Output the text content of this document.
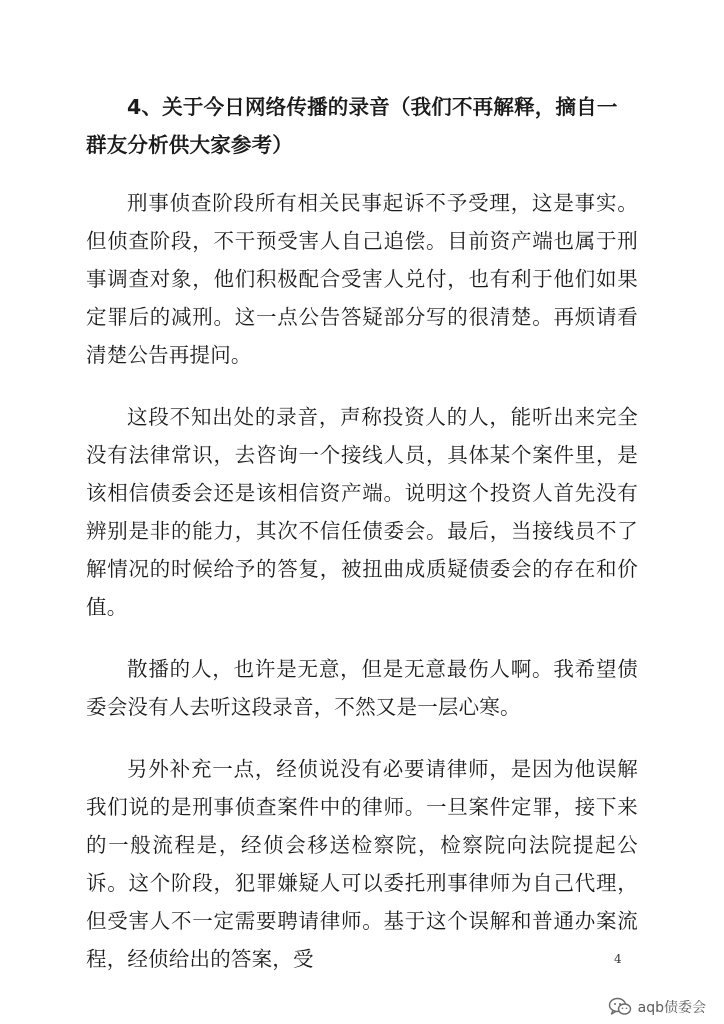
4、关于今日网络传播的录音（我们不再解释，摘自一群友分析供大家参考）

刑事侦查阶段所有相关民事起诉不予受理，这是事实。但侦查阶段，不干预受害人自己追偿。目前资产端也属于刑事调查对象，他们积极配合受害人兑付，也有利于他们如果定罪后的减刑。这一点公告答疑部分写的很清楚。再烦请看清楚公告再提问。

这段不知出处的录音，声称投资人的人，能听出来完全没有法律常识，去咨询一个接线人员，具体某个案件里，是该相信债委会还是该相信资产端。说明这个投资人首先没有辨别是非的能力，其次不信任债委会。最后，当接线员不了解情况的时候给予的答复，被扭曲成质疑债委会的存在和价值。

散播的人，也许是无意，但是无意最伤人啊。我希望债委会没有人去听这段录音，不然又是一层心寒。

另外补充一点，经侦说没有必要请律师，是因为他误解我们说的是刑事侦查案件中的律师。一旦案件定罪，接下来的一般流程是，经侦会移送检察院，检察院向法院提起公诉。这个阶段，犯罪嫌疑人可以委托刑事律师为自己代理，但受害人不一定需要聘请律师。基于这个误解和普通办案流程，经侦给出的答案，受	4
aqb债委会
